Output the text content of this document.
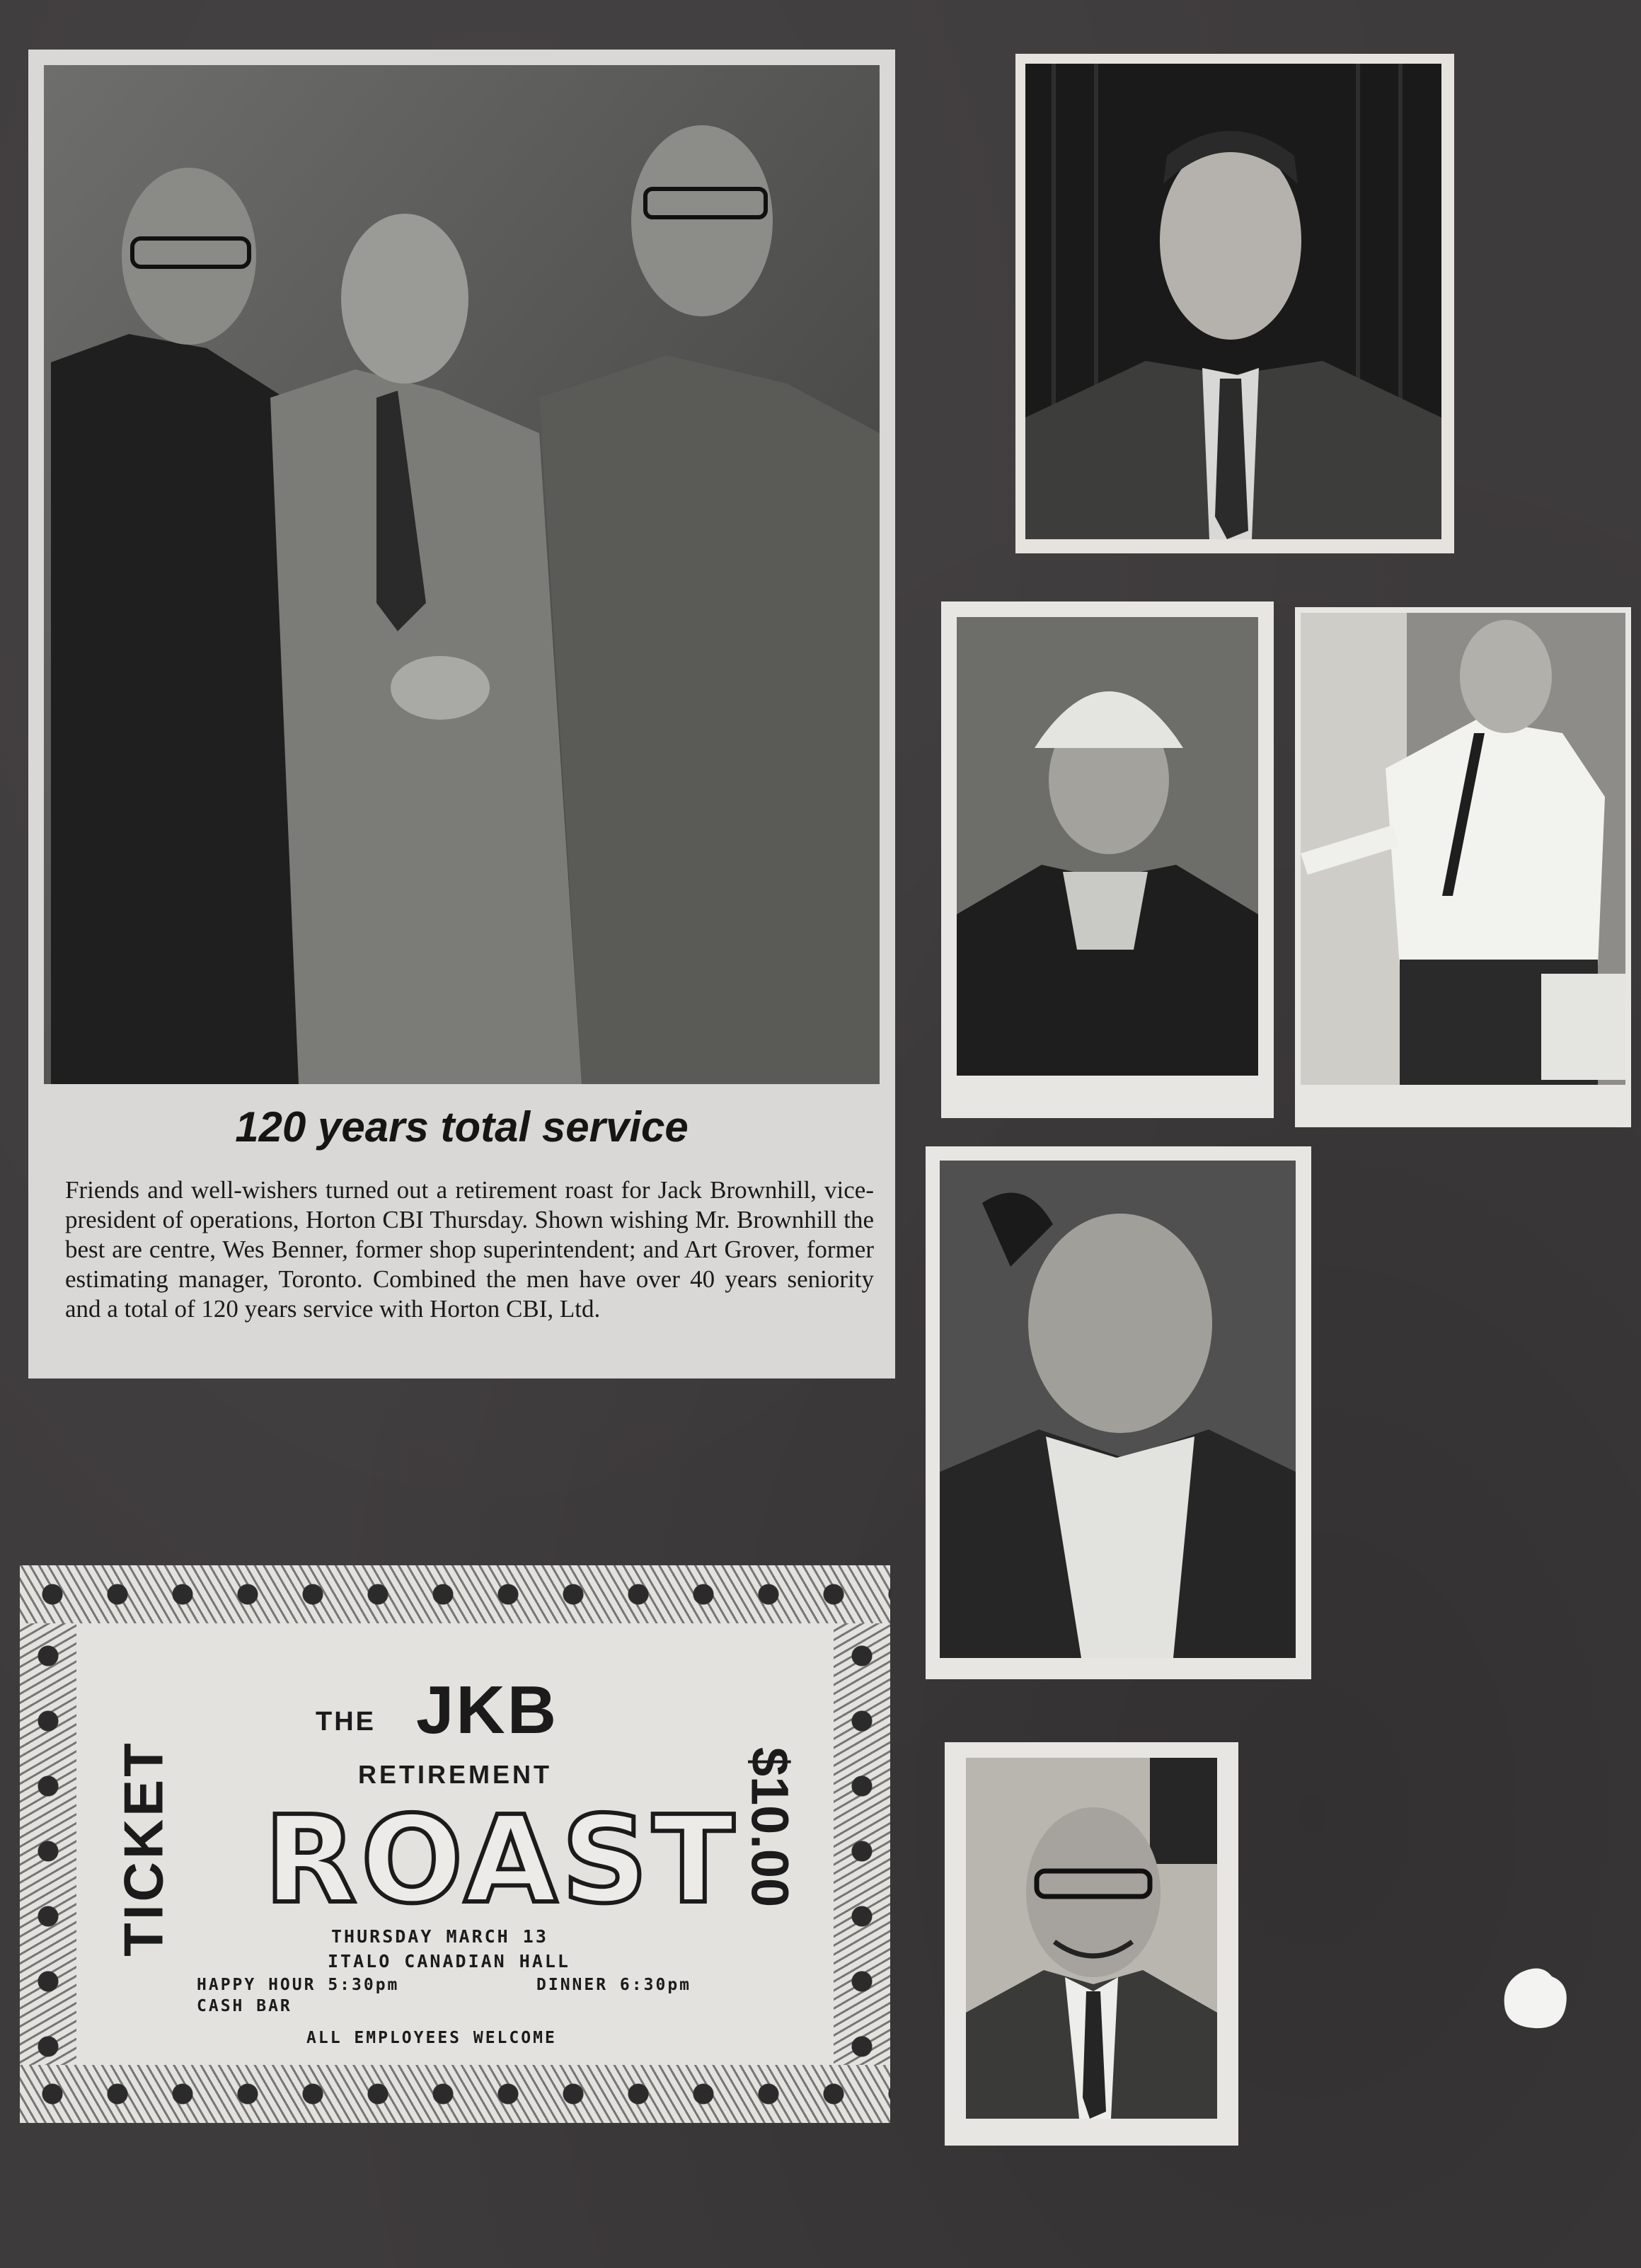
120 years total service
Friends and well-wishers turned out a retirement roast for Jack Brownhill, vice-president of operations, Horton CBI Thursday. Shown wishing Mr. Brownhill the best are centre, Wes Benner, former shop superintendent; and Art Grover, former estimating manager, Toronto. Combined the men have over 40 years seniority and a total of 120 years service with Horton CBI, Ltd.
TICKET	$10.00
THE JKB
RETIREMENT
ROAST
THURSDAY MARCH 13
ITALO CANADIAN HALL
HAPPY HOUR 5:30pm	DINNER 6:30pm
CASH BAR
ALL EMPLOYEES WELCOME
